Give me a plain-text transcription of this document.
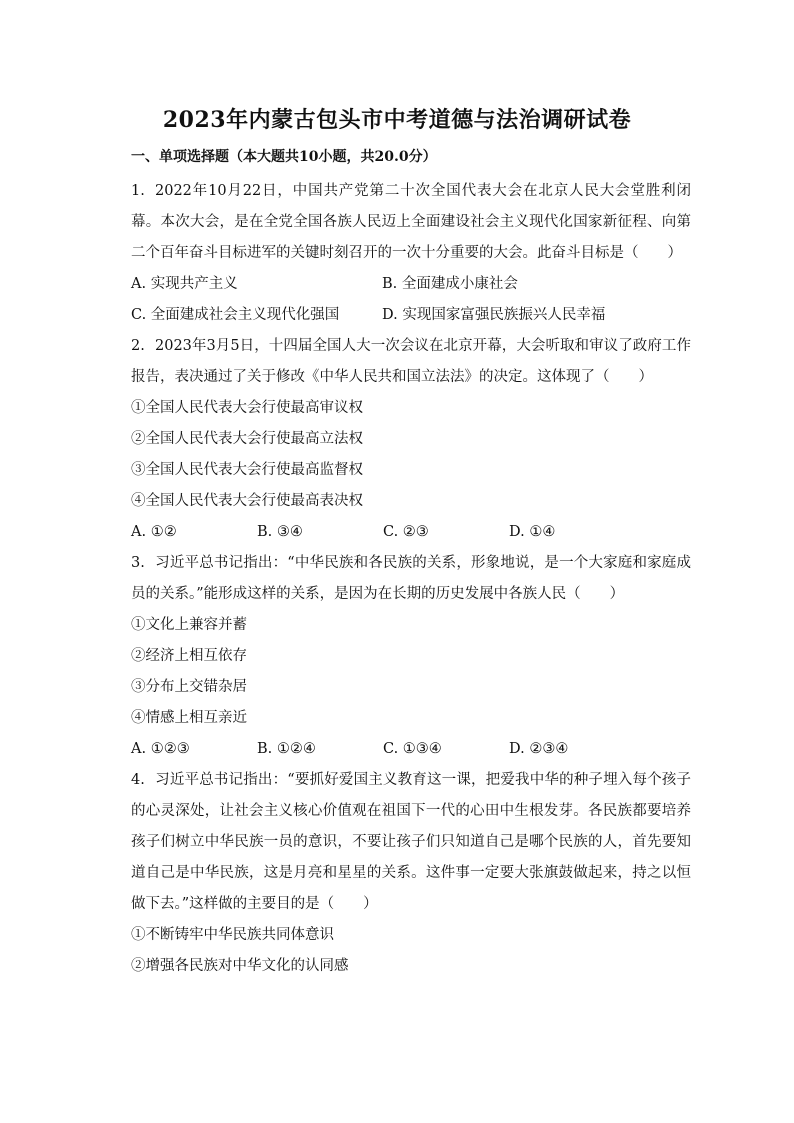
2023年内蒙古包头市中考道德与法治调研试卷
一、单项选择题（本大题共10小题，共20.0分）

1. 2022年10月22日，中国共产党第二十次全国代表大会在北京人民大会堂胜利闭幕。本次大会，是在全党全国各族人民迈上全面建设社会主义现代化国家新征程、向第二个百年奋斗目标进军的关键时刻召开的一次十分重要的大会。此奋斗目标是（　　）

A. 实现共产主义	B. 全面建成小康社会
C. 全面建成社会主义现代化强国	D. 实现国家富强民族振兴人民幸福

2. 2023年3月5日，十四届全国人大一次会议在北京开幕，大会听取和审议了政府工作报告，表决通过了关于修改《中华人民共和国立法法》的决定。这体现了（　　）

①全国人民代表大会行使最高审议权

②全国人民代表大会行使最高立法权

③全国人民代表大会行使最高监督权

④全国人民代表大会行使最高表决权

A. ①②	B. ③④	C. ②③	D. ①④

3. 习近平总书记指出：“中华民族和各民族的关系，形象地说，是一个大家庭和家庭成员的关系。”能形成这样的关系，是因为在长期的历史发展中各族人民（　　）

①文化上兼容并蓄

②经济上相互依存

③分布上交错杂居

④情感上相互亲近

A. ①②③	B. ①②④	C. ①③④	D. ②③④

4. 习近平总书记指出：“要抓好爱国主义教育这一课，把爱我中华的种子埋入每个孩子的心灵深处，让社会主义核心价值观在祖国下一代的心田中生根发芽。各民族都要培养孩子们树立中华民族一员的意识，不要让孩子们只知道自己是哪个民族的人，首先要知道自己是中华民族，这是月亮和星星的关系。这件事一定要大张旗鼓做起来，持之以恒做下去。”这样做的主要目的是（　　）

①不断铸牢中华民族共同体意识

②增强各民族对中华文化的认同感
